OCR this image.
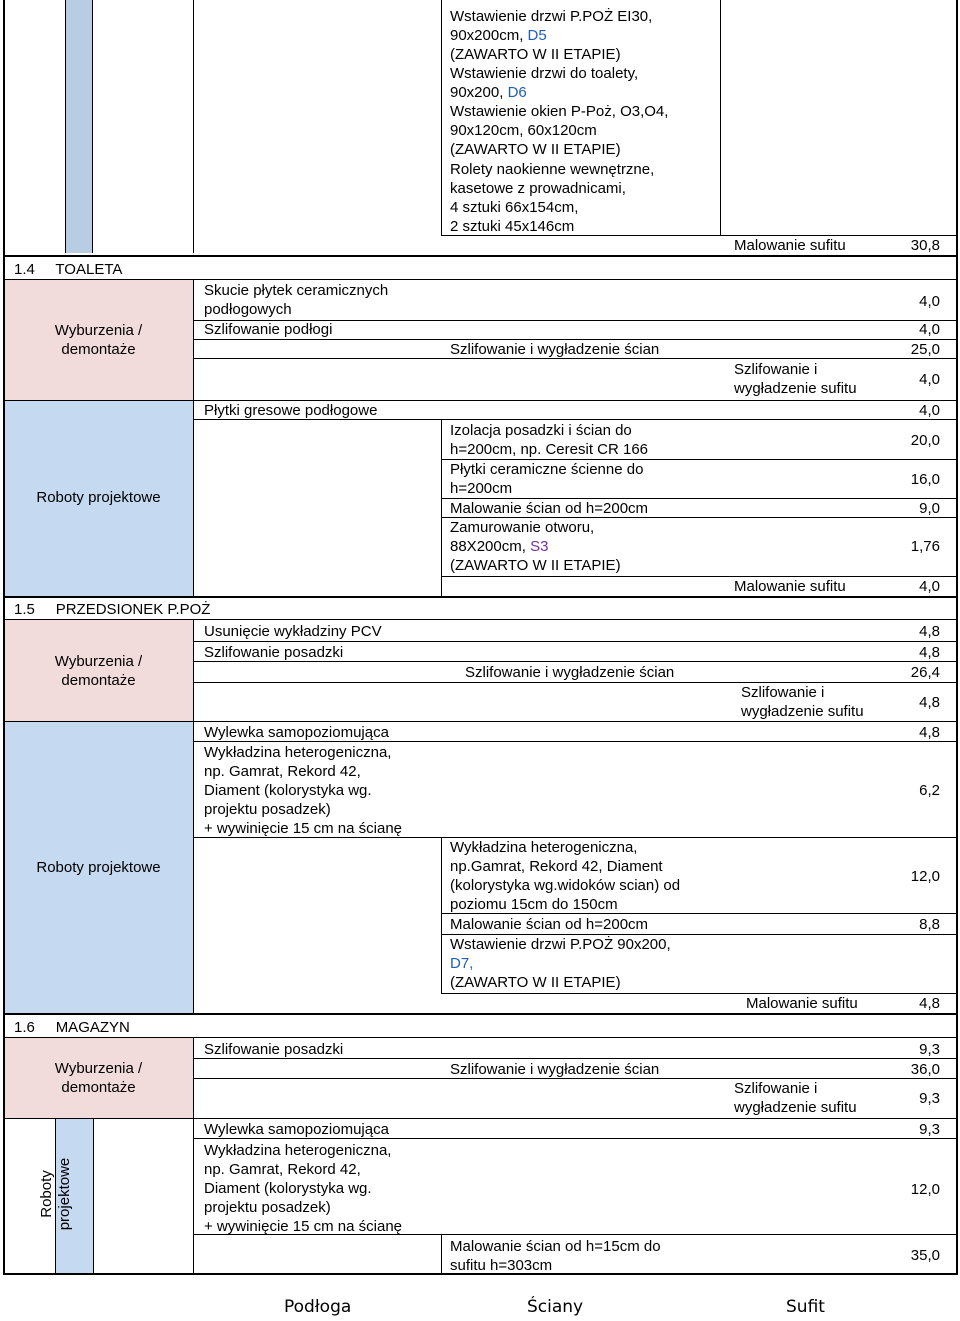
Wstawienie drzwi P.POŻ EI30,
90x200cm, D5
(ZAWARTO W II ETAPIE)
Wstawienie drzwi do toalety,
90x200, D6
Wstawienie okien P-Poż, O3,O4,
90x120cm, 60x120cm
(ZAWARTO W II ETAPIE)
Rolety naokienne wewnętrzne,
kasetowe z prowadnicami,
4 sztuki 66x154cm,
2 sztuki 45x146cm
Malowanie sufitu	30,8
1.4     TOALETA
Wyburzenia /
demontaże
Roboty projektowe
Skucie płytek ceramicznych
podłogowych	4,0
Szlifowanie podłogi	4,0
Szlifowanie i wygładzenie ścian	25,0
Szlifowanie i
wygładzenie sufitu
4,0
Płytki gresowe podłogowe	4,0
Izolacja posadzki i ścian do
h=200cm, np. Ceresit CR 166
20,0
Płytki ceramiczne ścienne do
h=200cm
16,0
Malowanie ścian od h=200cm	9,0
Zamurowanie otworu,
88X200cm, S3
(ZAWARTO W II ETAPIE)
1,76
Malowanie sufitu	4,0
1.5     PRZEDSIONEK P.POŻ
Wyburzenia /
demontaże
Roboty projektowe
Usunięcie wykładziny PCV	4,8
Szlifowanie posadzki	4,8
Szlifowanie i wygładzenie ścian	26,4
Szlifowanie i
wygładzenie sufitu
4,8
Wylewka samopoziomująca	4,8
Wykładzina heterogeniczna,
np. Gamrat, Rekord 42,
Diament (kolorystyka wg.
projektu posadzek)
+ wywinięcie 15 cm na ścianę
6,2
Wykładzina heterogeniczna,
np.Gamrat, Rekord 42, Diament
(kolorystyka wg.widoków scian) od
poziomu 15cm do 150cm
12,0
Malowanie ścian od h=200cm	8,8
Wstawienie drzwi P.POŻ 90x200,
D7,
(ZAWARTO W II ETAPIE)
Malowanie sufitu	4,8
1.6     MAGAZYN
Wyburzenia /
demontaże
Roboty
projektowe
Szlifowanie posadzki	9,3
Szlifowanie i wygładzenie ścian	36,0
Szlifowanie i
wygładzenie sufitu
9,3
Wylewka samopoziomująca	9,3
Wykładzina heterogeniczna,
np. Gamrat, Rekord 42,
Diament (kolorystyka wg.
projektu posadzek)
+ wywinięcie 15 cm na ścianę
12,0
Malowanie ścian od h=15cm do
sufitu h=303cm
35,0
Podłoga	Ściany	Sufit
